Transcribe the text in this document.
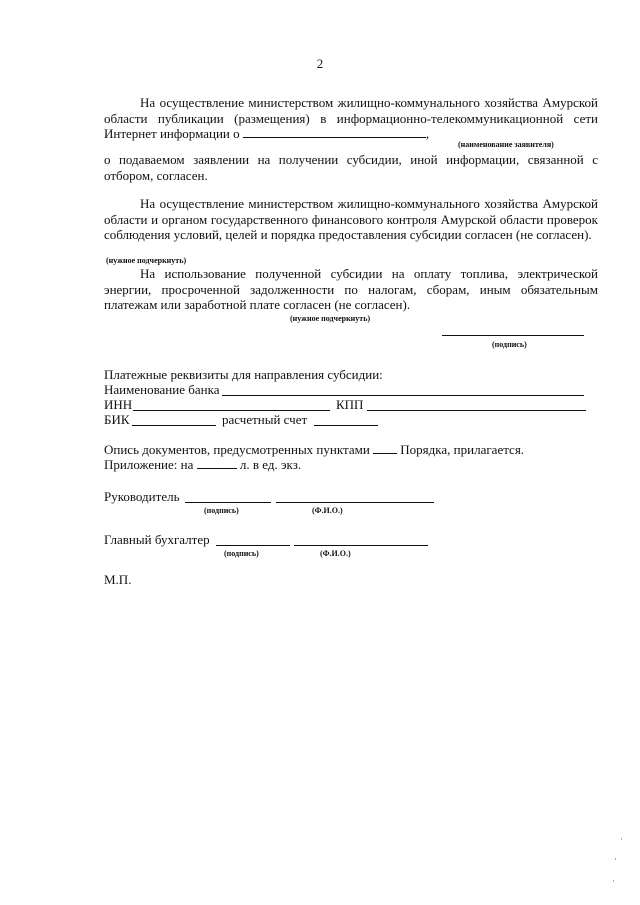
2
На осуществление министерством жилищно-коммунального хозяйства Амурской области публикации (размещения) в информационно-телекоммуникационной сети Интернет информации о	,
(наименование заявителя)
о подаваемом заявлении на получении субсидии, иной информации, связанной с отбором, согласен.
На осуществление министерством жилищно-коммунального хозяйства Амурской области и органом государственного финансового контроля Амурской области проверок соблюдения условий, целей и порядка предоставления субсидии согласен (не согласен).
(нужное подчеркнуть)
На использование полученной субсидии на оплату топлива, электрической энергии, просроченной задолженности по налогам, сборам, иным обязательным платежам или заработной плате согласен (не согласен).
(нужное подчеркнуть)
(подпись)
Платежные реквизиты для направления субсидии:
Наименование банка
ИНН	КПП
БИК	расчетный счет
Опись документов, предусмотренных пунктами Порядка, прилагается.
Приложение: на	л. в ед. экз.
Руководитель
(подпись)	(Ф.И.О.)
Главный бухгалтер
(подпись)	(Ф.И.О.)
М.П.
·
·
·
